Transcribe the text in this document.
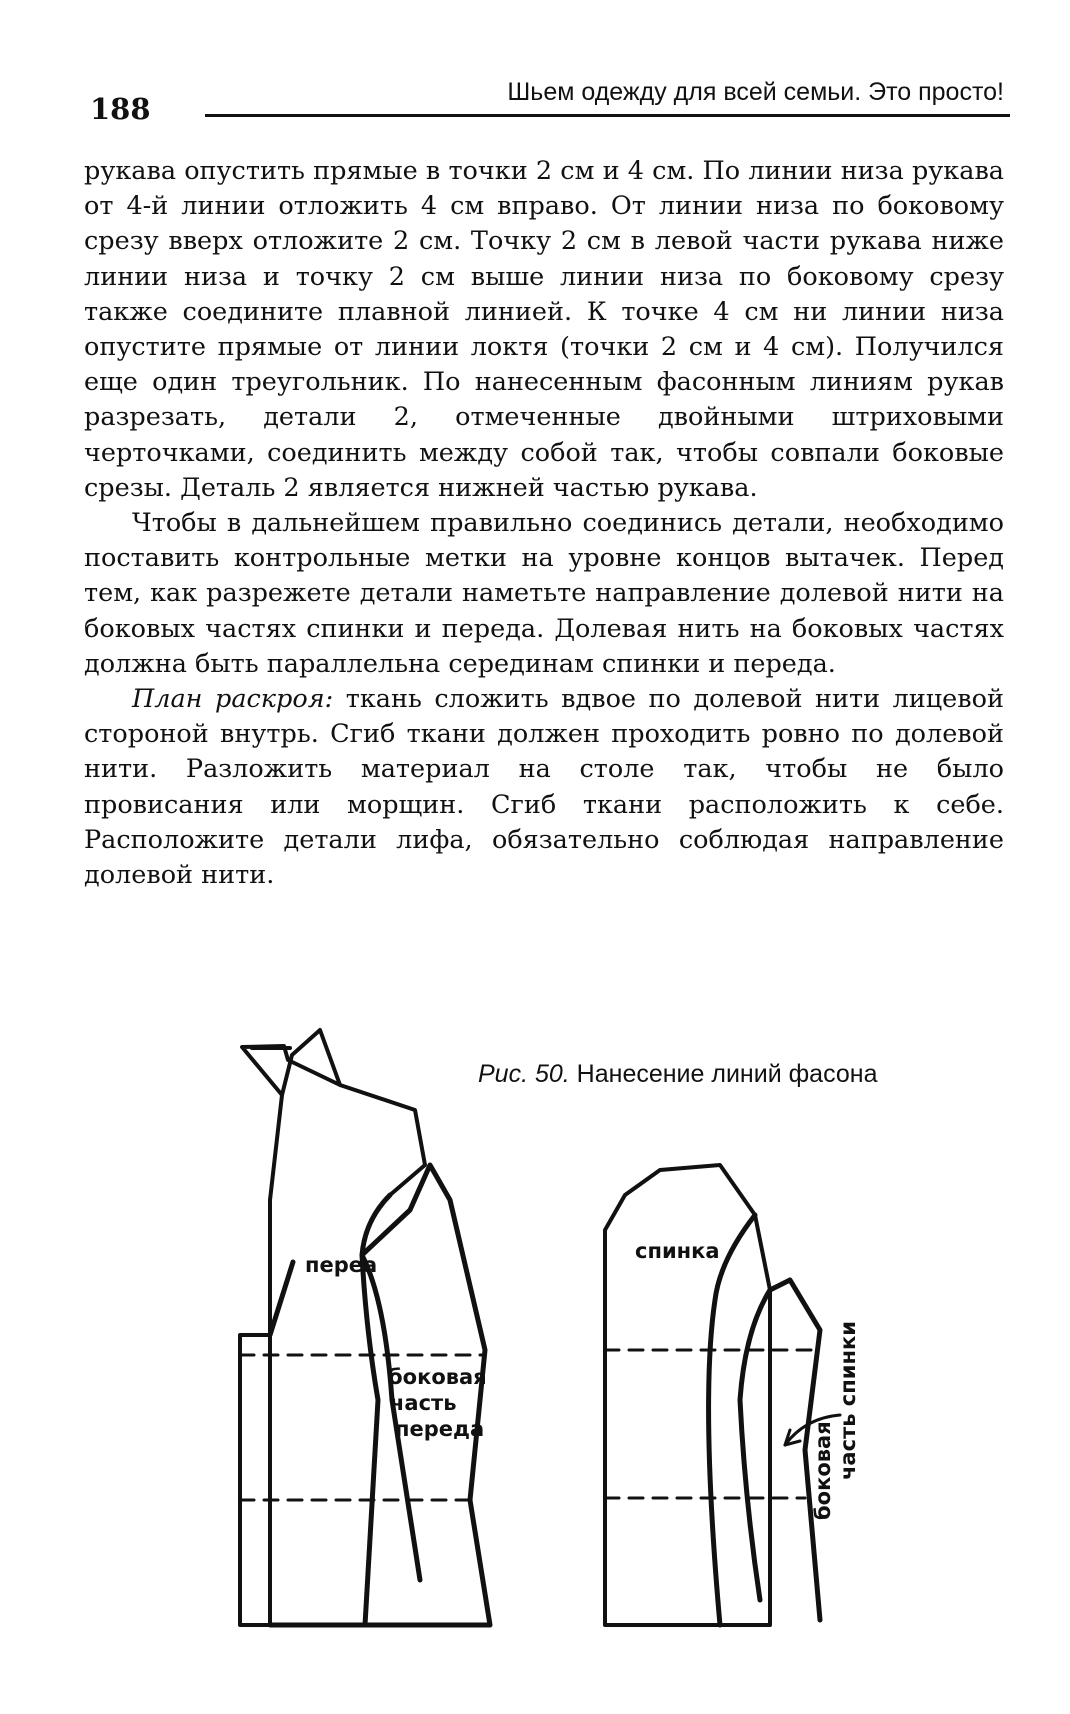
188	Шьем одежду для всей семьи. Это просто!

рукава опустить прямые в точки 2 см и 4 см. По линии низа рукава от 4-й линии отложить 4 см вправо. От линии низа по боковому срезу вверх отложите 2 см. Точку 2 см в левой части рукава ниже линии низа и точку 2 см выше линии низа по боковому срезу также соедините плавной линией. К точке 4 см ни линии низа опустите прямые от линии локтя (точки 2 см и 4 см). Получился еще один треугольник. По нанесенным фасонным линиям рукав разрезать, детали 2, отмеченные двойными штриховыми черточками, соединить между собой так, чтобы совпали боковые срезы. Деталь 2 является нижней частью рукава.

Чтобы в дальнейшем правильно соединись детали, необходимо поставить контрольные метки на уровне концов вытачек. Перед тем, как разрежете детали наметьте направление долевой нити на боковых частях спинки и переда. Долевая нить на боковых частях должна быть параллельна серединам спинки и переда.

План раскроя: ткань сложить вдвое по долевой нити лицевой стороной внутрь. Сгиб ткани должен проходить ровно по долевой нити. Разложить материал на столе так, чтобы не было провисания или морщин. Сгиб ткани расположить к себе. Расположите детали лифа, обязательно соблюдая направление долевой нити.

Рис. 50. Нанесение линий фасона
переа
боковая
часть
переда
спинка
боковая часть спинки
